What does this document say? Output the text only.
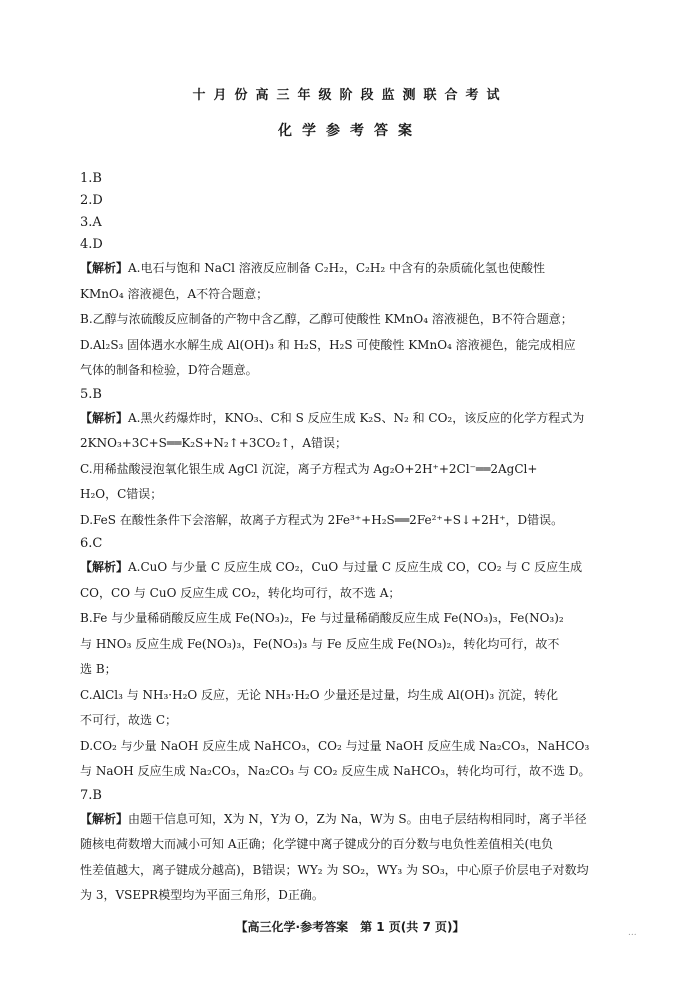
十月份高三年级阶段监测联合考试
化学参考答案
1.B
2.D
3.A
4.D

【解析】A.电石与饱和 NaCl 溶液反应制备 C₂H₂，C₂H₂ 中含有的杂质硫化氢也使酸性

KMnO₄ 溶液褪色，A不符合题意；

B.乙醇与浓硫酸反应制备的产物中含乙醇，乙醇可使酸性 KMnO₄ 溶液褪色，B不符合题意；

D.Al₂S₃ 固体遇水水解生成 Al(OH)₃ 和 H₂S，H₂S 可使酸性 KMnO₄ 溶液褪色，能完成相应

气体的制备和检验，D符合题意。

5.B

【解析】A.黑火药爆炸时，KNO₃、C和 S 反应生成 K₂S、N₂ 和 CO₂，该反应的化学方程式为

2KNO₃+3C+S══K₂S+N₂↑+3CO₂↑，A错误；

C.用稀盐酸浸泡氧化银生成 AgCl 沉淀，离子方程式为 Ag₂O+2H⁺+2Cl⁻══2AgCl+

H₂O，C错误；

D.FeS 在酸性条件下会溶解，故离子方程式为 2Fe³⁺+H₂S══2Fe²⁺+S↓+2H⁺，D错误。

6.C

【解析】A.CuO 与少量 C 反应生成 CO₂，CuO 与过量 C 反应生成 CO，CO₂ 与 C 反应生成

CO，CO 与 CuO 反应生成 CO₂，转化均可行，故不选 A；

B.Fe 与少量稀硝酸反应生成 Fe(NO₃)₂，Fe 与过量稀硝酸反应生成 Fe(NO₃)₃，Fe(NO₃)₂

与 HNO₃ 反应生成 Fe(NO₃)₃，Fe(NO₃)₃ 与 Fe 反应生成 Fe(NO₃)₂，转化均可行，故不

选 B；

C.AlCl₃ 与 NH₃·H₂O 反应，无论 NH₃·H₂O 少量还是过量，均生成 Al(OH)₃ 沉淀，转化

不可行，故选 C；

D.CO₂ 与少量 NaOH 反应生成 NaHCO₃，CO₂ 与过量 NaOH 反应生成 Na₂CO₃，NaHCO₃

与 NaOH 反应生成 Na₂CO₃，Na₂CO₃ 与 CO₂ 反应生成 NaHCO₃，转化均可行，故不选 D。

7.B

【解析】由题干信息可知，X为 N，Y为 O，Z为 Na，W为 S。由电子层结构相同时，离子半径

随核电荷数增大而减小可知 A正确；化学键中离子键成分的百分数与电负性差值相关(电负

性差值越大，离子键成分越高)，B错误；WY₂ 为 SO₂，WY₃ 为 SO₃，中心原子价层电子对数均

为 3，VSEPR模型均为平面三角形，D正确。

【高三化学·参考答案　第 1 页(共 7 页)】	...
